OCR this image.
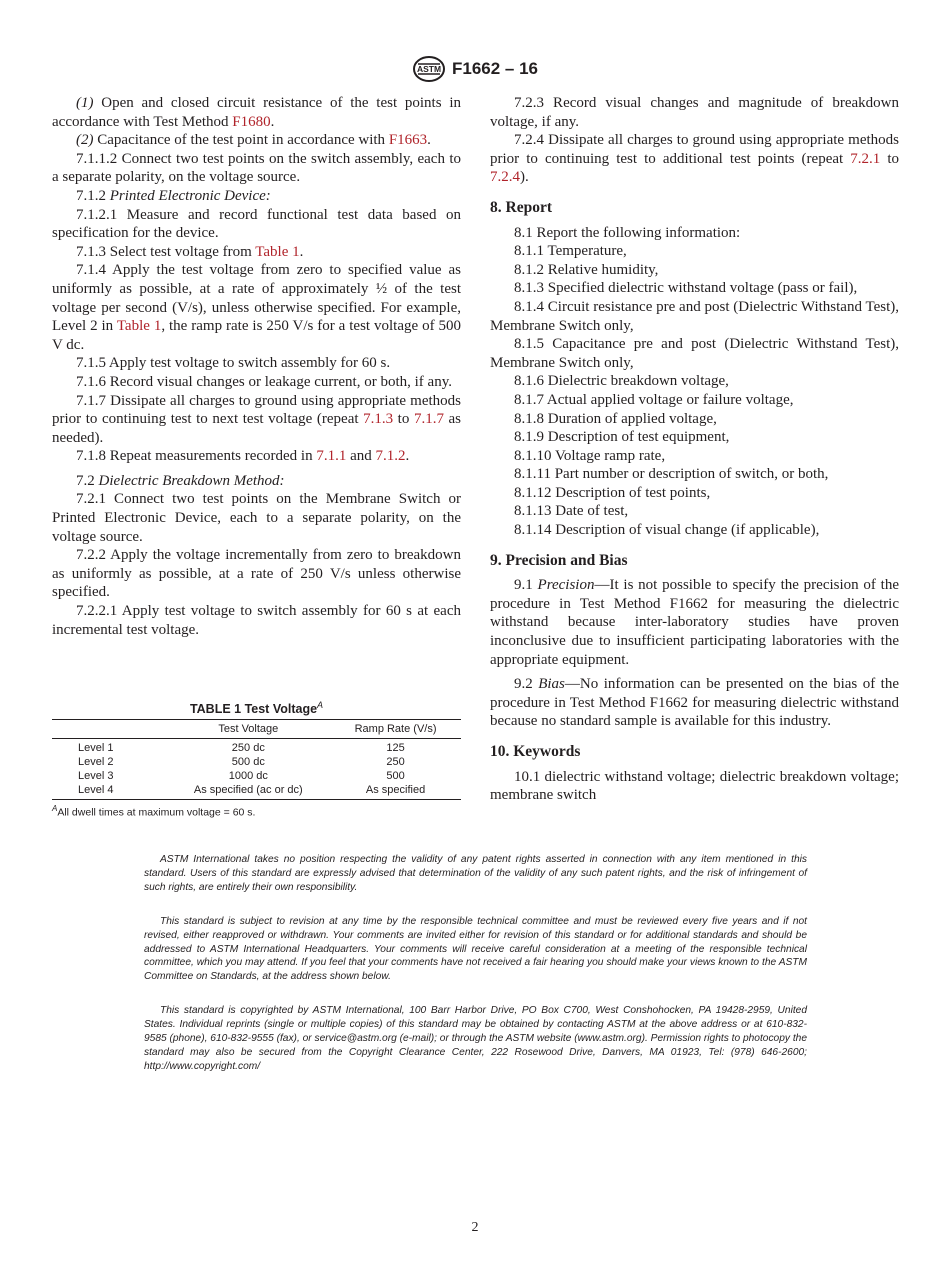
ASTM F1662 – 16

(1) Open and closed circuit resistance of the test points in accordance with Test Method F1680.

(2) Capacitance of the test point in accordance with F1663.

7.1.1.2 Connect two test points on the switch assembly, each to a separate polarity, on the voltage source.

7.1.2 Printed Electronic Device:

7.1.2.1 Measure and record functional test data based on specification for the device.

7.1.3 Select test voltage from Table 1.

7.1.4 Apply the test voltage from zero to specified value as uniformly as possible, at a rate of approximately ½ of the test voltage per second (V/s), unless otherwise specified. For example, Level 2 in Table 1, the ramp rate is 250 V/s for a test voltage of 500 V dc.

7.1.5 Apply test voltage to switch assembly for 60 s.

7.1.6 Record visual changes or leakage current, or both, if any.

7.1.7 Dissipate all charges to ground using appropriate methods prior to continuing test to next test voltage (repeat 7.1.3 to 7.1.7 as needed).

7.1.8 Repeat measurements recorded in 7.1.1 and 7.1.2.

7.2 Dielectric Breakdown Method:

7.2.1 Connect two test points on the Membrane Switch or Printed Electronic Device, each to a separate polarity, on the voltage source.

7.2.2 Apply the voltage incrementally from zero to breakdown as uniformly as possible, at a rate of 250 V/s unless otherwise specified.

7.2.2.1 Apply test voltage to switch assembly for 60 s at each incremental test voltage.

TABLE 1 Test Voltage$^A$
	Test Voltage	Ramp Rate (V/s)
Level 1	250 dc	125
Level 2	500 dc	250
Level 3	1000 dc	500
Level 4	As specified (ac or dc)	As specified
$^A$All dwell times at maximum voltage = 60 s.

7.2.3 Record visual changes and magnitude of breakdown voltage, if any.

7.2.4 Dissipate all charges to ground using appropriate methods prior to continuing test to additional test points (repeat 7.2.1 to 7.2.4).

8. Report

8.1 Report the following information:

8.1.1 Temperature,

8.1.2 Relative humidity,

8.1.3 Specified dielectric withstand voltage (pass or fail),

8.1.4 Circuit resistance pre and post (Dielectric Withstand Test), Membrane Switch only,

8.1.5 Capacitance pre and post (Dielectric Withstand Test), Membrane Switch only,

8.1.6 Dielectric breakdown voltage,

8.1.7 Actual applied voltage or failure voltage,

8.1.8 Duration of applied voltage,

8.1.9 Description of test equipment,

8.1.10 Voltage ramp rate,

8.1.11 Part number or description of switch, or both,

8.1.12 Description of test points,

8.1.13 Date of test,

8.1.14 Description of visual change (if applicable),

9. Precision and Bias

9.1 Precision—It is not possible to specify the precision of the procedure in Test Method F1662 for measuring the dielectric withstand because inter-laboratory studies have proven inconclusive due to insufficient participating laboratories with the appropriate equipment.

9.2 Bias—No information can be presented on the bias of the procedure in Test Method F1662 for measuring dielectric withstand because no standard sample is available for this industry.

10. Keywords

10.1 dielectric withstand voltage; dielectric breakdown voltage; membrane switch

ASTM International takes no position respecting the validity of any patent rights asserted in connection with any item mentioned in this standard. Users of this standard are expressly advised that determination of the validity of any such patent rights, and the risk of infringement of such rights, are entirely their own responsibility.

This standard is subject to revision at any time by the responsible technical committee and must be reviewed every five years and if not revised, either reapproved or withdrawn. Your comments are invited either for revision of this standard or for additional standards and should be addressed to ASTM International Headquarters. Your comments will receive careful consideration at a meeting of the responsible technical committee, which you may attend. If you feel that your comments have not received a fair hearing you should make your views known to the ASTM Committee on Standards, at the address shown below.

This standard is copyrighted by ASTM International, 100 Barr Harbor Drive, PO Box C700, West Conshohocken, PA 19428-2959, United States. Individual reprints (single or multiple copies) of this standard may be obtained by contacting ASTM at the above address or at 610-832-9585 (phone), 610-832-9555 (fax), or service@astm.org (e-mail); or through the ASTM website (www.astm.org). Permission rights to photocopy the standard may also be secured from the Copyright Clearance Center, 222 Rosewood Drive, Danvers, MA 01923, Tel: (978) 646-2600; http://www.copyright.com/

2
